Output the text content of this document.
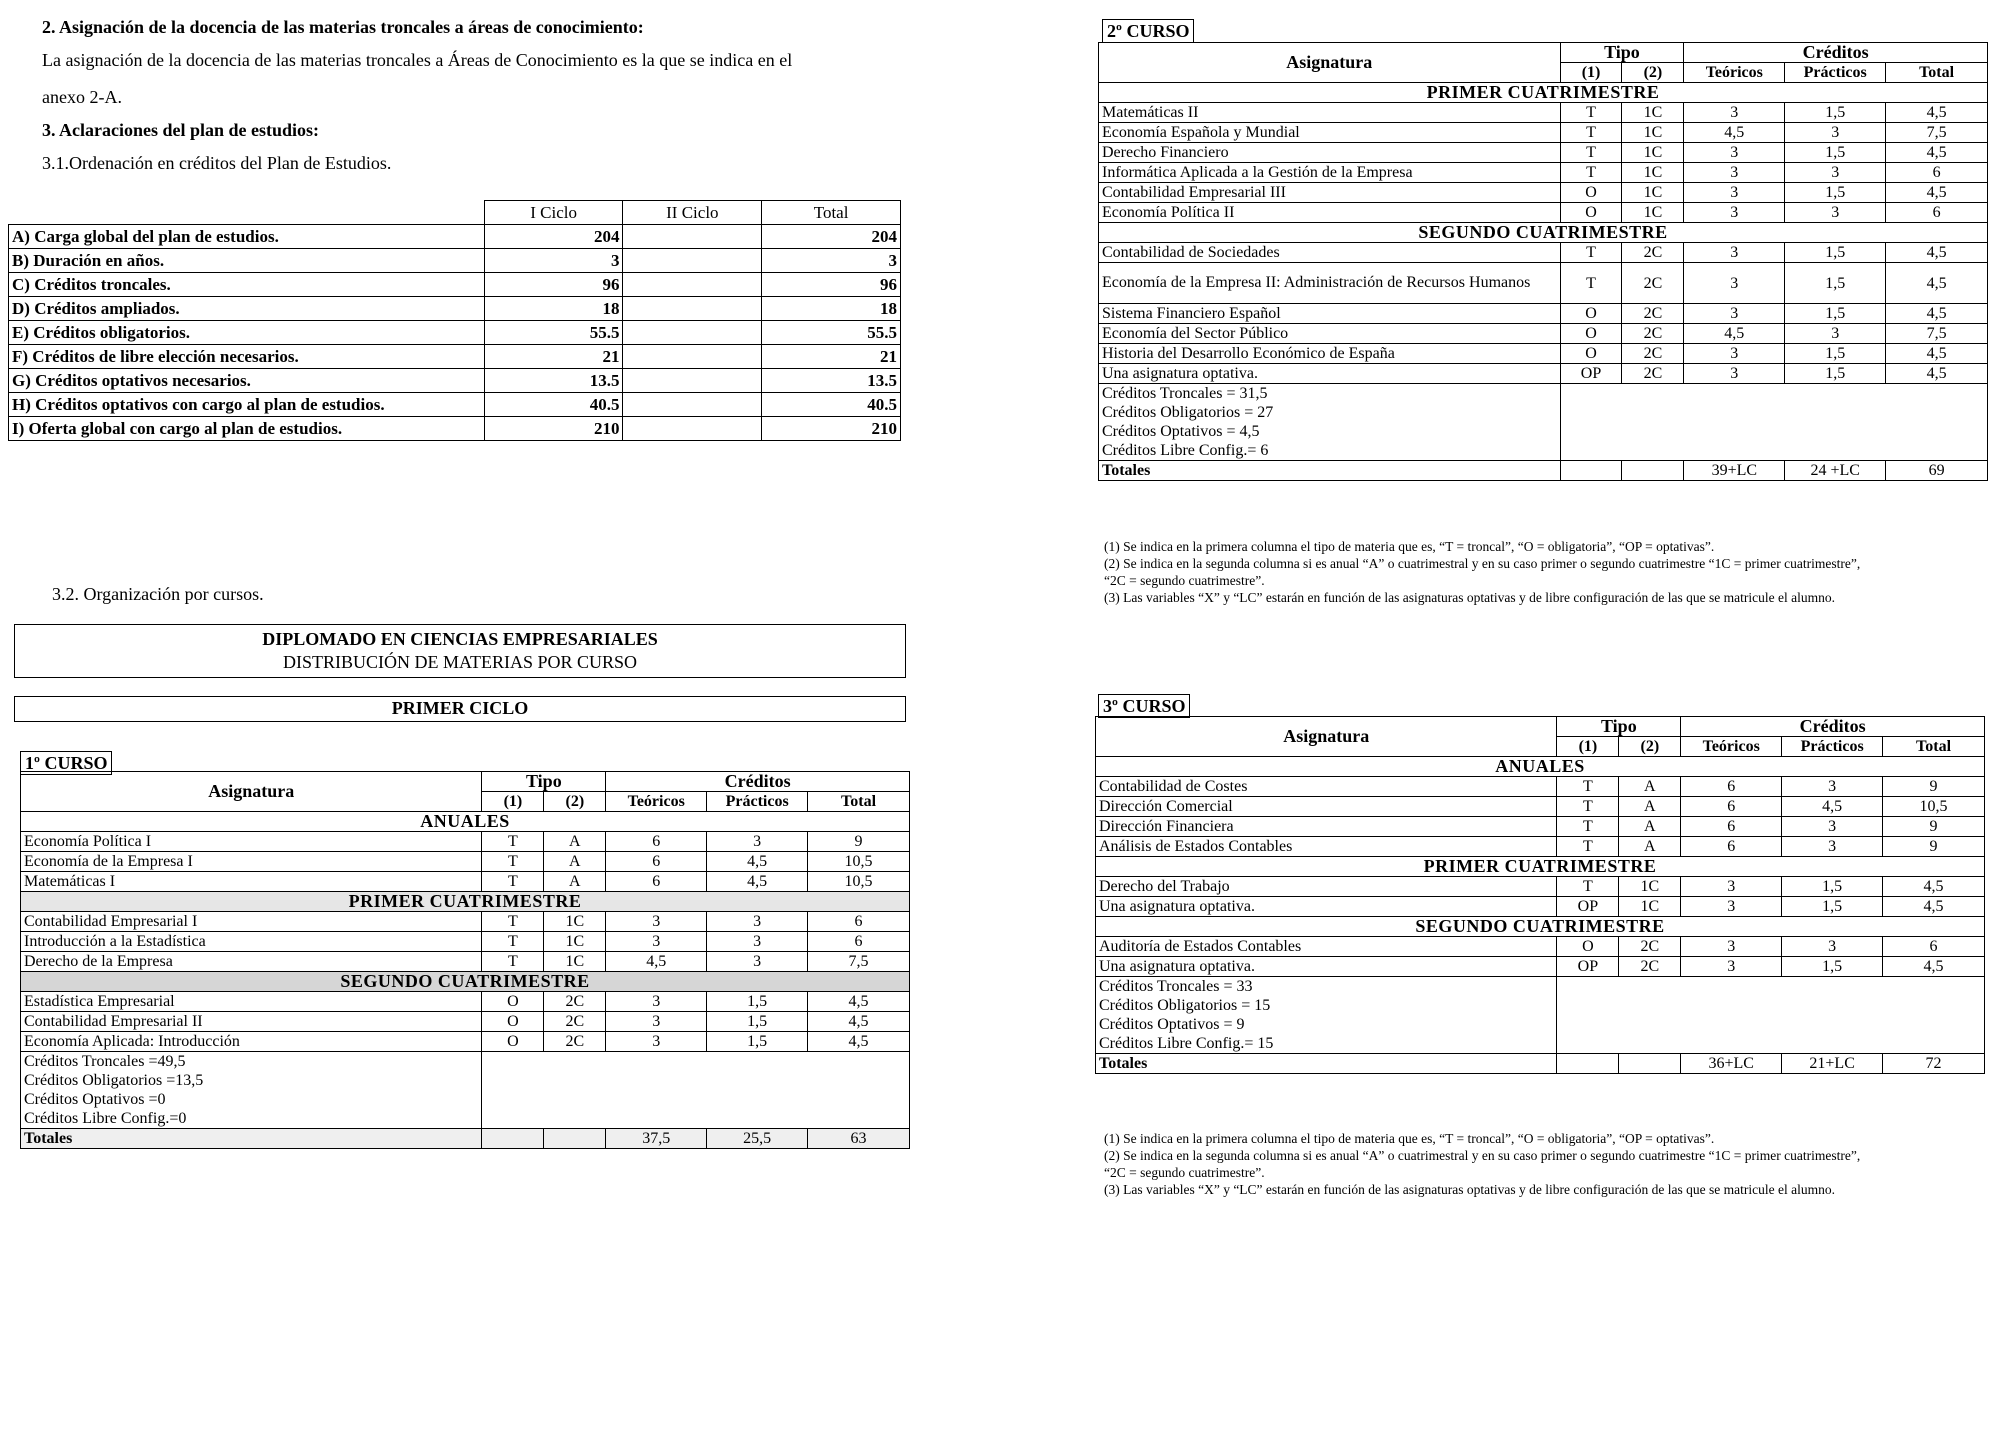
2. Asignación de la docencia de las materias troncales a áreas de conocimiento:
La asignación de la docencia de las materias troncales a Áreas de Conocimiento es la que se indica en el
anexo 2-A.
3. Aclaraciones del plan de estudios:
3.1.Ordenación en créditos del Plan de Estudios.
	I Ciclo	II Ciclo	Total
A) Carga global del plan de estudios.	204		204
B) Duración en años.	3		3
C) Créditos troncales.	96		96
D) Créditos ampliados.	18		18
E) Créditos obligatorios.	55.5		55.5
F) Créditos de libre elección necesarios.	21		21
G) Créditos optativos necesarios.	13.5		13.5
H) Créditos optativos con cargo al plan de estudios.	40.5		40.5
I) Oferta global con cargo al plan de estudios.	210		210
3.2. Organización por cursos.
DIPLOMADO EN CIENCIAS EMPRESARIALES
DISTRIBUCIÓN DE MATERIAS POR CURSO
PRIMER CICLO
1º CURSO
Asignatura	Tipo		Créditos		
	(1)	(2)	Teóricos	Prácticos	Total
ANUALES					
Economía Política I	T	A	6	3	9
Economía de la Empresa I	T	A	6	4,5	10,5
Matemáticas I	T	A	6	4,5	10,5
PRIMER CUATRIMESTRE					
Contabilidad Empresarial I	T	1C	3	3	6
Introducción a la Estadística	T	1C	3	3	6
Derecho de la Empresa	T	1C	4,5	3	7,5
SEGUNDO CUATRIMESTRE					
Estadística Empresarial	O	2C	3	1,5	4,5
Contabilidad Empresarial II	O	2C	3	1,5	4,5
Economía Aplicada: Introducción	O	2C	3	1,5	4,5
Créditos Troncales =49,5					
Créditos Obligatorios =13,5					
Créditos Optativos =0					
Créditos Libre Config.=0					
Totales			37,5	25,5	63
2º CURSO
Asignatura	Tipo		Créditos		
	(1)	(2)	Teóricos	Prácticos	Total
PRIMER CUATRIMESTRE					
Matemáticas II	T	1C	3	1,5	4,5
Economía Española y Mundial	T	1C	4,5	3	7,5
Derecho Financiero	T	1C	3	1,5	4,5
Informática Aplicada a la Gestión de la Empresa	T	1C	3	3	6
Contabilidad Empresarial III	O	1C	3	1,5	4,5
Economía Política II	O	1C	3	3	6
SEGUNDO CUATRIMESTRE					
Contabilidad de Sociedades	T	2C	3	1,5	4,5
Economía de la Empresa II: Administración de Recursos Humanos	T	2C	3	1,5	4,5
Sistema Financiero Español	O	2C	3	1,5	4,5
Economía del Sector Público	O	2C	4,5	3	7,5
Historia del Desarrollo Económico de España	O	2C	3	1,5	4,5
Una asignatura optativa.	OP	2C	3	1,5	4,5
Créditos Troncales = 31,5					
Créditos Obligatorios = 27					
Créditos Optativos = 4,5					
Créditos Libre Config.= 6					
Totales			39+LC	24 +LC	69
(1) Se indica en la primera columna el tipo de materia que es, “T = troncal”, “O = obligatoria”, “OP = optativas”.
(2) Se indica en la segunda columna si es anual “A” o cuatrimestral y en su caso primer o segundo cuatrimestre “1C = primer cuatrimestre”,
“2C = segundo cuatrimestre”.
(3) Las variables “X” y “LC” estarán en función de las asignaturas optativas y de libre configuración de las que se matricule el alumno.
3º CURSO
Asignatura	Tipo		Créditos		
	(1)	(2)	Teóricos	Prácticos	Total
ANUALES					
Contabilidad de Costes	T	A	6	3	9
Dirección Comercial	T	A	6	4,5	10,5
Dirección Financiera	T	A	6	3	9
Análisis de Estados Contables	T	A	6	3	9
PRIMER CUATRIMESTRE					
Derecho del Trabajo	T	1C	3	1,5	4,5
Una asignatura optativa.	OP	1C	3	1,5	4,5
SEGUNDO CUATRIMESTRE					
Auditoría de Estados Contables	O	2C	3	3	6
Una asignatura optativa.	OP	2C	3	1,5	4,5
Créditos Troncales = 33					
Créditos Obligatorios = 15					
Créditos Optativos = 9					
Créditos Libre Config.= 15					
Totales			36+LC	21+LC	72
(1) Se indica en la primera columna el tipo de materia que es, “T = troncal”, “O = obligatoria”, “OP = optativas”.
(2) Se indica en la segunda columna si es anual “A” o cuatrimestral y en su caso primer o segundo cuatrimestre “1C = primer cuatrimestre”,
“2C = segundo cuatrimestre”.
(3) Las variables “X” y “LC” estarán en función de las asignaturas optativas y de libre configuración de las que se matricule el alumno.
